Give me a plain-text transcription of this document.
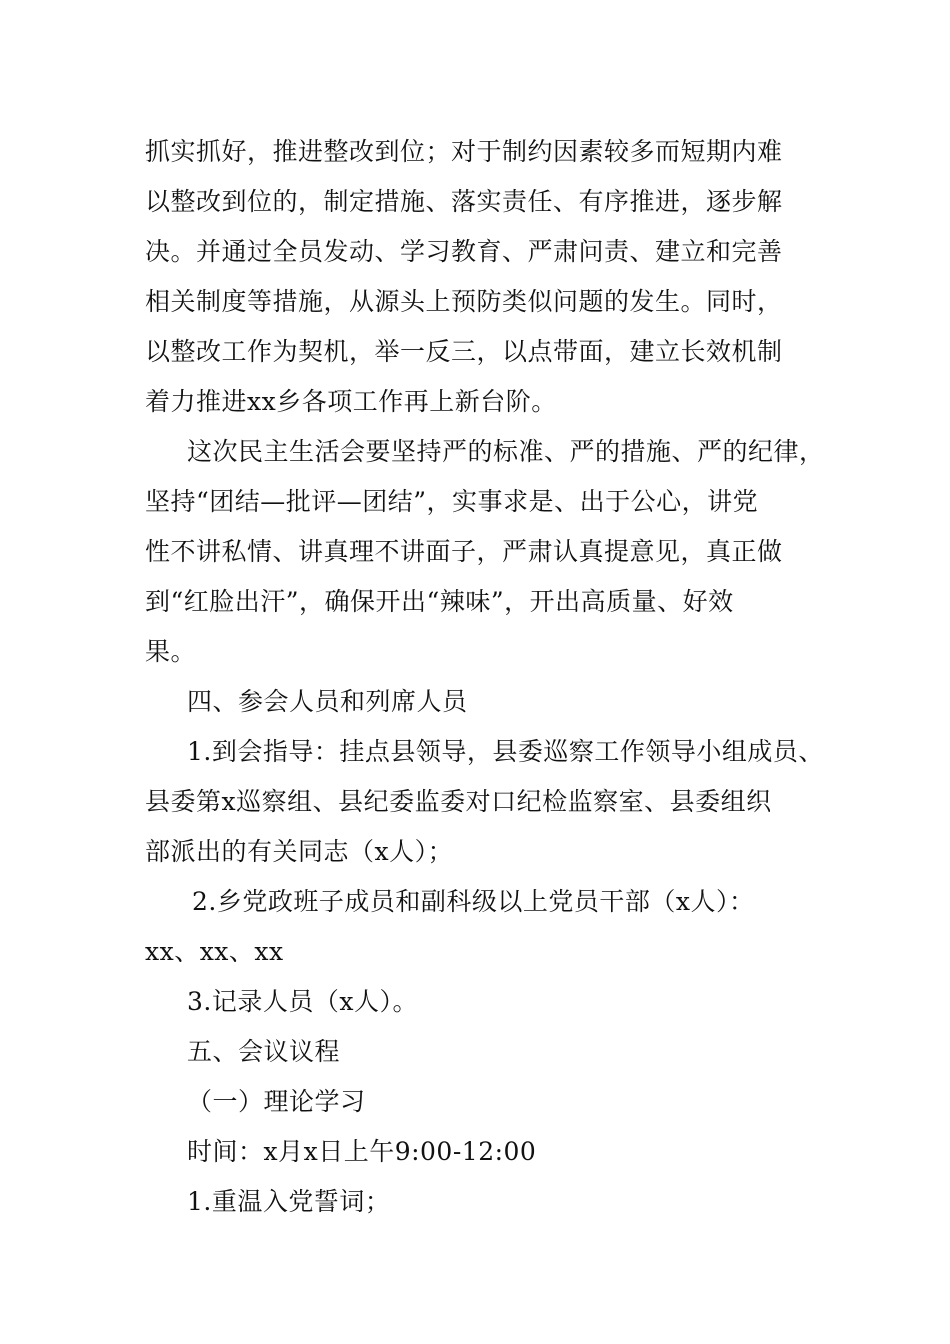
抓实抓好，推进整改到位；对于制约因素较多而短期内难
以整改到位的，制定措施、落实责任、有序推进，逐步解
决。并通过全员发动、学习教育、严肃问责、建立和完善
相关制度等措施，从源头上预防类似问题的发生。同时，
以整改工作为契机，举一反三，以点带面，建立长效机制
着力推进xx乡各项工作再上新台阶。
这次民主生活会要坚持严的标准、严的措施、严的纪律，
坚持“团结—批评—团结”，实事求是、出于公心，讲党
性不讲私情、讲真理不讲面子，严肃认真提意见，真正做
到“红脸出汗”，确保开出“辣味”，开出高质量、好效
果。
四、参会人员和列席人员
1.到会指导：挂点县领导，县委巡察工作领导小组成员、
县委第x巡察组、县纪委监委对口纪检监察室、县委组织
部派出的有关同志（x人）；
2.乡党政班子成员和副科级以上党员干部（x人）：
xx、xx、xx
3.记录人员（x人）。
五、会议议程
（一）理论学习
时间：x月x日上午9:00-12:00
1.重温入党誓词；
